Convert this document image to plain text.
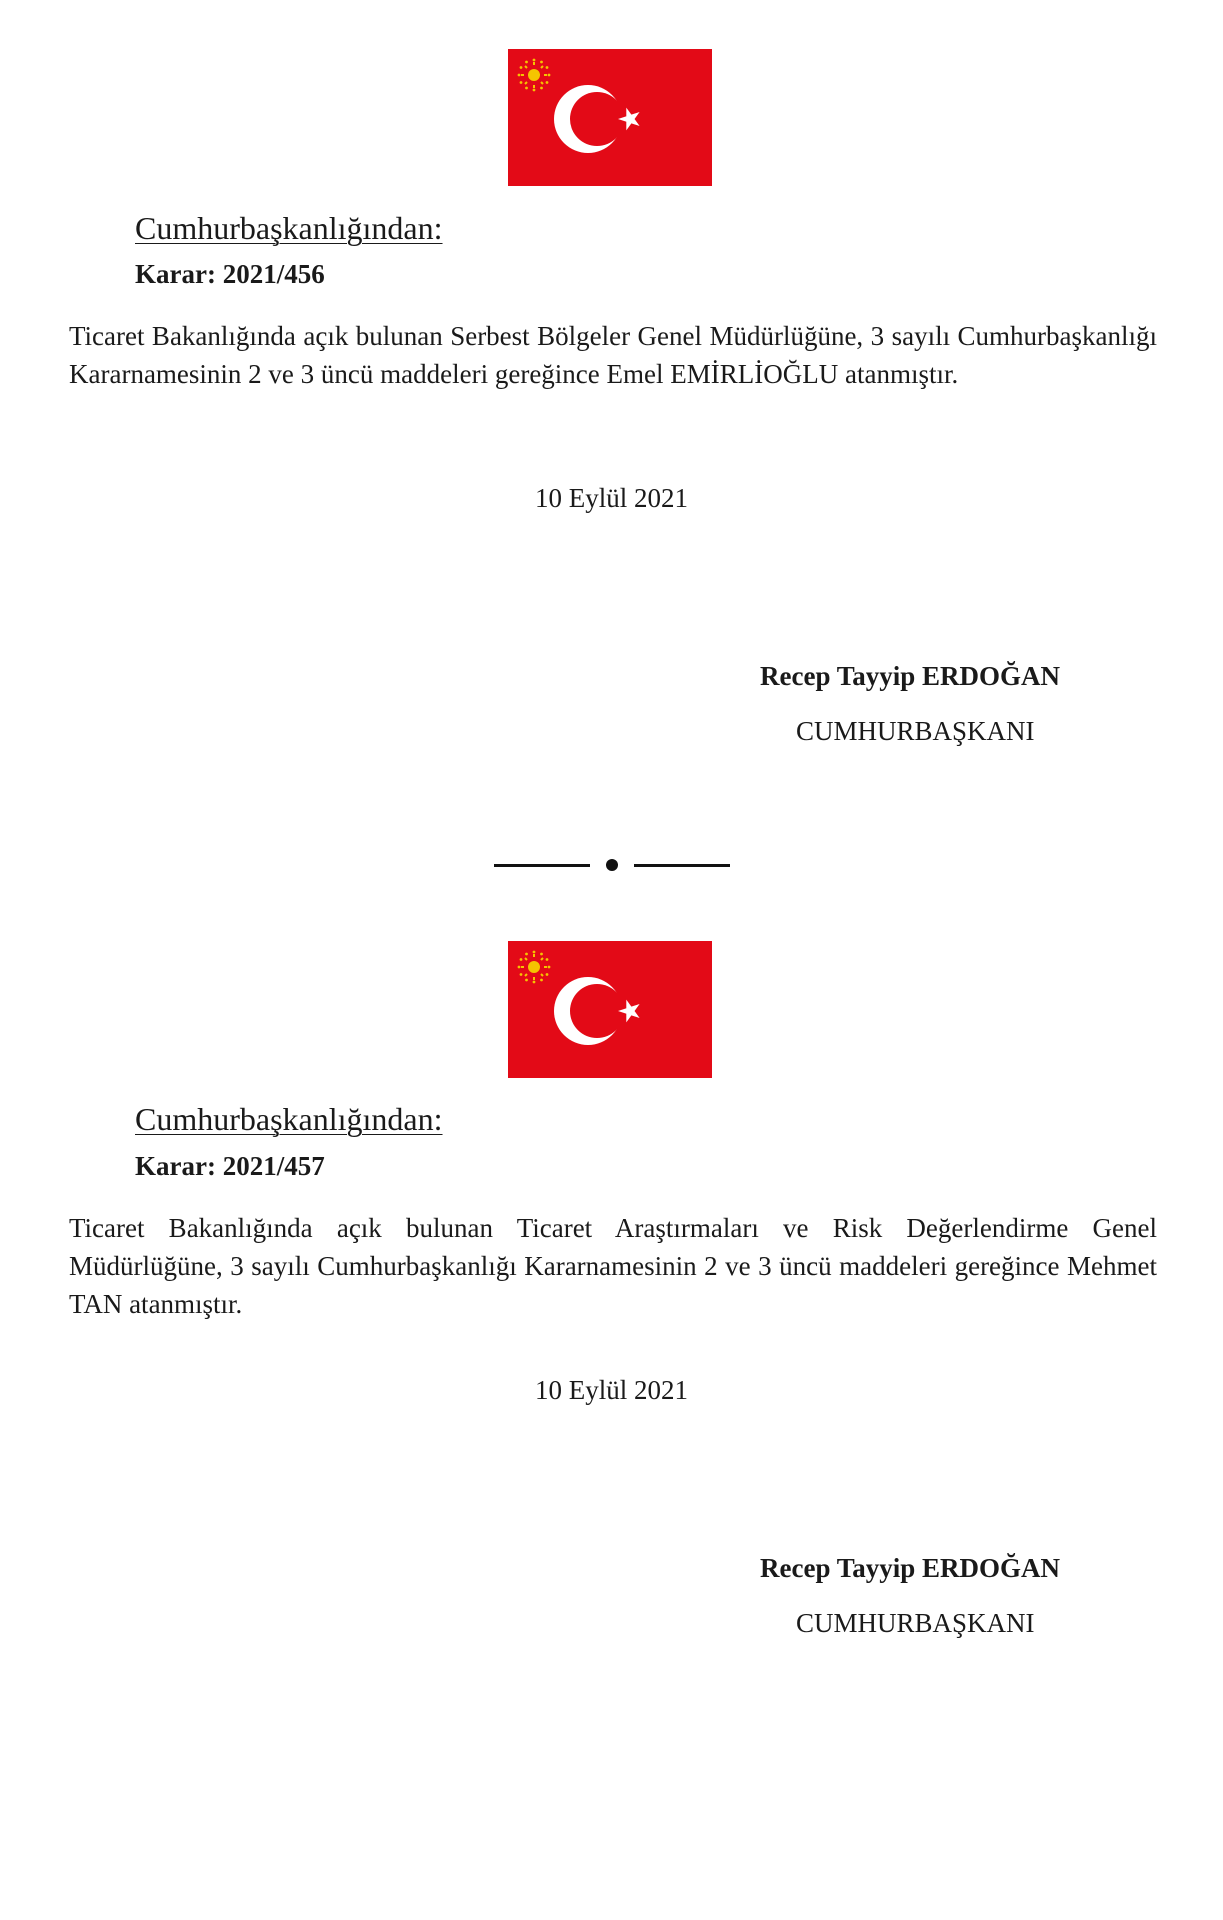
Cumhurbaşkanlığından:
Karar: 2021/456
Ticaret Bakanlığında açık bulunan Serbest Bölgeler Genel Müdürlüğüne, 3 sayılı Cumhurbaşkanlığı Kararnamesinin 2 ve 3 üncü maddeleri gereğince Emel EMİRLİOĞLU atanmıştır.
10 Eylül 2021
Recep Tayyip ERDOĞAN
CUMHURBAŞKANI
Cumhurbaşkanlığından:
Karar: 2021/457
Ticaret Bakanlığında açık bulunan Ticaret Araştırmaları ve Risk Değerlendirme Genel Müdürlüğüne, 3 sayılı Cumhurbaşkanlığı Kararnamesinin 2 ve 3 üncü maddeleri gereğince Mehmet TAN atanmıştır.
10 Eylül 2021
Recep Tayyip ERDOĞAN
CUMHURBAŞKANI
